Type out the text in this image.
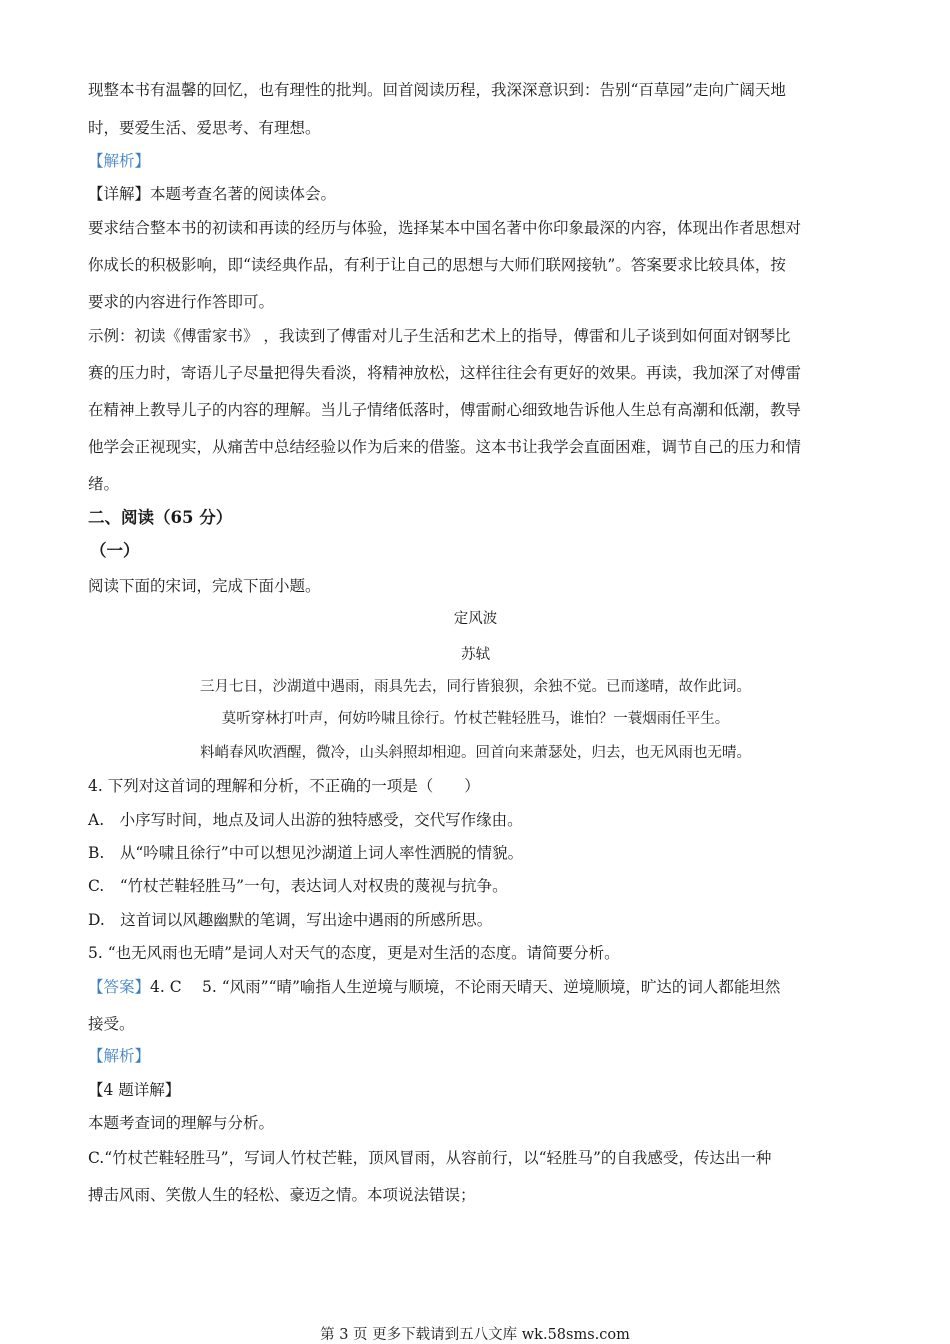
现整本书有温馨的回忆，也有理性的批判。回首阅读历程，我深深意识到：告别“百草园”走向广阔天地
时，要爱生活、爱思考、有理想。
【解析】
【详解】本题考查名著的阅读体会。
要求结合整本书的初读和再读的经历与体验，选择某本中国名著中你印象最深的内容，体现出作者思想对
你成长的积极影响，即“读经典作品，有利于让自己的思想与大师们联网接轨”。答案要求比较具体，按
要求的内容进行作答即可。
示例：初读《傅雷家书》 ，我读到了傅雷对儿子生活和艺术上的指导，傅雷和儿子谈到如何面对钢琴比
赛的压力时，寄语儿子尽量把得失看淡，将精神放松，这样往往会有更好的效果。再读，我加深了对傅雷
在精神上教导儿子的内容的理解。当儿子情绪低落时，傅雷耐心细致地告诉他人生总有高潮和低潮，教导
他学会正视现实，从痛苦中总结经验以作为后来的借鉴。这本书让我学会直面困难，调节自己的压力和情
绪。
二、阅读（65 分）
（一）
阅读下面的宋词，完成下面小题。
定风波
苏轼
三月七日，沙湖道中遇雨，雨具先去，同行皆狼狈，余独不觉。已而遂晴，故作此词。
莫听穿林打叶声，何妨吟啸且徐行。竹杖芒鞋轻胜马，谁怕？一蓑烟雨任平生。
料峭春风吹酒醒，微冷，山头斜照却相迎。回首向来萧瑟处，归去，也无风雨也无晴。
4. 下列对这首词的理解和分析，不正确的一项是（　　）
A.　小序写时间，地点及词人出游的独特感受，交代写作缘由。
B.　从“吟啸且徐行”中可以想见沙湖道上词人率性洒脱的情貌。
C.　“竹杖芒鞋轻胜马”一句，表达词人对权贵的蔑视与抗争。
D.　这首词以风趣幽默的笔调，写出途中遇雨的所感所思。
5. “也无风雨也无晴”是词人对天气的态度，更是对生活的态度。请简要分析。
【答案】4. C　 5. “风雨”“晴”喻指人生逆境与顺境，不论雨天晴天、逆境顺境，旷达的词人都能坦然
接受。
【解析】
【4 题详解】
本题考查词的理解与分析。
C.“竹杖芒鞋轻胜马”，写词人竹杖芒鞋，顶风冒雨，从容前行，以“轻胜马”的自我感受，传达出一种
搏击风雨、笑傲人生的轻松、豪迈之情。本项说法错误；
第 3 页 更多下载请到五八文库 wk.58sms.com
